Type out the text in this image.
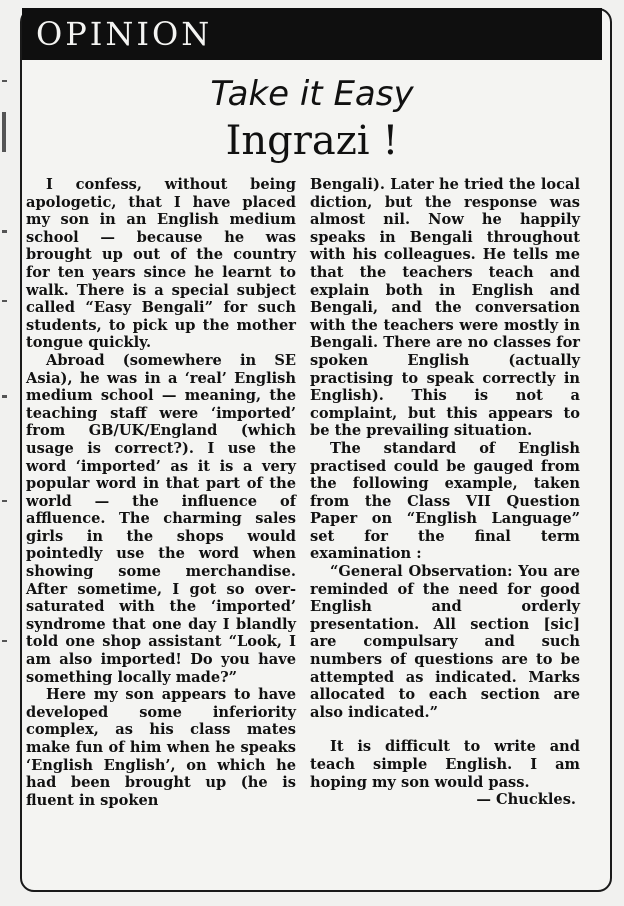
OPINION
Take it Easy
Ingrazi !

I confess, without being apologetic, that I have placed my son in an English medium school — because he was brought up out of the country for ten years since he learnt to walk. There is a special subject called “Easy Bengali” for such students, to pick up the mother tongue quickly.

Abroad (somewhere in SE Asia), he was in a ‘real’ English medium school — meaning, the teaching staff were ‘imported’ from GB/UK/England (which usage is correct?). I use the word ‘imported’ as it is a very popular word in that part of the world — the influence of affluence. The charming sales girls in the shops would pointedly use the word when showing some merchandise. After sometime, I got so over-saturated with the ‘imported’ syndrome that one day I blandly told one shop assistant “Look, I am also imported! Do you have something locally made?”

Here my son appears to have developed some inferiority complex, as his class mates make fun of him when he speaks ‘English English’, on which he had been brought up (he is fluent in spoken

Bengali). Later he tried the local diction, but the response was almost nil. Now he happily speaks in Bengali throughout with his colleagues. He tells me that the teachers teach and explain both in English and Bengali, and the conversation with the teachers were mostly in Bengali. There are no classes for spoken English (actually practising to speak correctly in English). This is not a complaint, but this appears to be the prevailing situation.

The standard of English practised could be gauged from the following example, taken from the Class VII Question Paper on “English Language” set for the final term examination :

“General Observation: You are reminded of the need for good English and orderly presentation. All section [sic] are compulsary and such numbers of questions are to be attempted as indicated. Marks allocated to each section are also indicated.”

It is difficult to write and teach simple English. I am hoping my son would pass.

— Chuckles.
